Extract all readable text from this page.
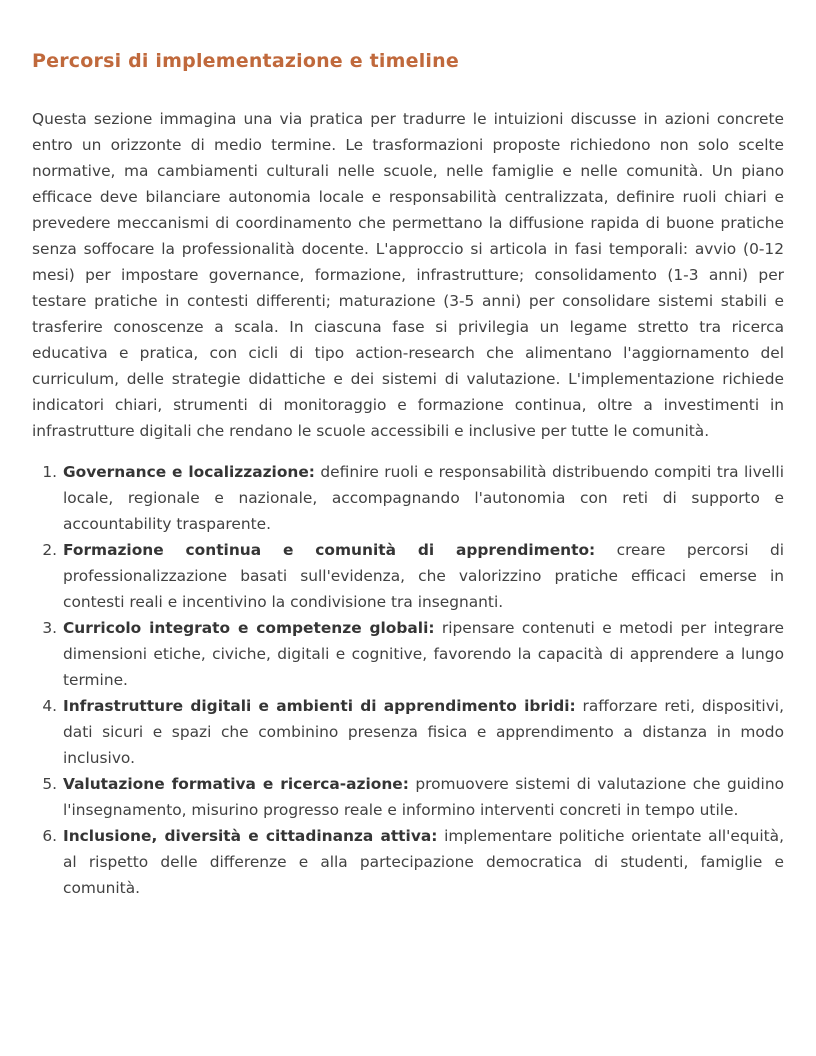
Percorsi di implementazione e timeline

Questa sezione immagina una via pratica per tradurre le intuizioni discusse in azioni concrete entro un orizzonte di medio termine. Le trasformazioni proposte richiedono non solo scelte normative, ma cambiamenti culturali nelle scuole, nelle famiglie e nelle comunità. Un piano efficace deve bilanciare autonomia locale e responsabilità centralizzata, definire ruoli chiari e prevedere meccanismi di coordinamento che permettano la diffusione rapida di buone pratiche senza soffocare la professionalità docente. L'approccio si articola in fasi temporali: avvio (0-12 mesi) per impostare governance, formazione, infrastrutture; consolidamento (1-3 anni) per testare pratiche in contesti differenti; maturazione (3-5 anni) per consolidare sistemi stabili e trasferire conoscenze a scala. In ciascuna fase si privilegia un legame stretto tra ricerca educativa e pratica, con cicli di tipo action-research che alimentano l'aggiornamento del curriculum, delle strategie didattiche e dei sistemi di valutazione. L'implementazione richiede indicatori chiari, strumenti di monitoraggio e formazione continua, oltre a investimenti in infrastrutture digitali che rendano le scuole accessibili e inclusive per tutte le comunità.

1. Governance e localizzazione: definire ruoli e responsabilità distribuendo compiti tra livelli locale, regionale e nazionale, accompagnando l'autonomia con reti di supporto e accountability trasparente.
2. Formazione continua e comunità di apprendimento: creare percorsi di professionalizzazione basati sull'evidenza, che valorizzino pratiche efficaci emerse in contesti reali e incentivino la condivisione tra insegnanti.
3. Curricolo integrato e competenze globali: ripensare contenuti e metodi per integrare dimensioni etiche, civiche, digitali e cognitive, favorendo la capacità di apprendere a lungo termine.
4. Infrastrutture digitali e ambienti di apprendimento ibridi: rafforzare reti, dispositivi, dati sicuri e spazi che combinino presenza fisica e apprendimento a distanza in modo inclusivo.
5. Valutazione formativa e ricerca-azione: promuovere sistemi di valutazione che guidino l'insegnamento, misurino progresso reale e informino interventi concreti in tempo utile.
6. Inclusione, diversità e cittadinanza attiva: implementare politiche orientate all'equità, al rispetto delle differenze e alla partecipazione democratica di studenti, famiglie e comunità.
